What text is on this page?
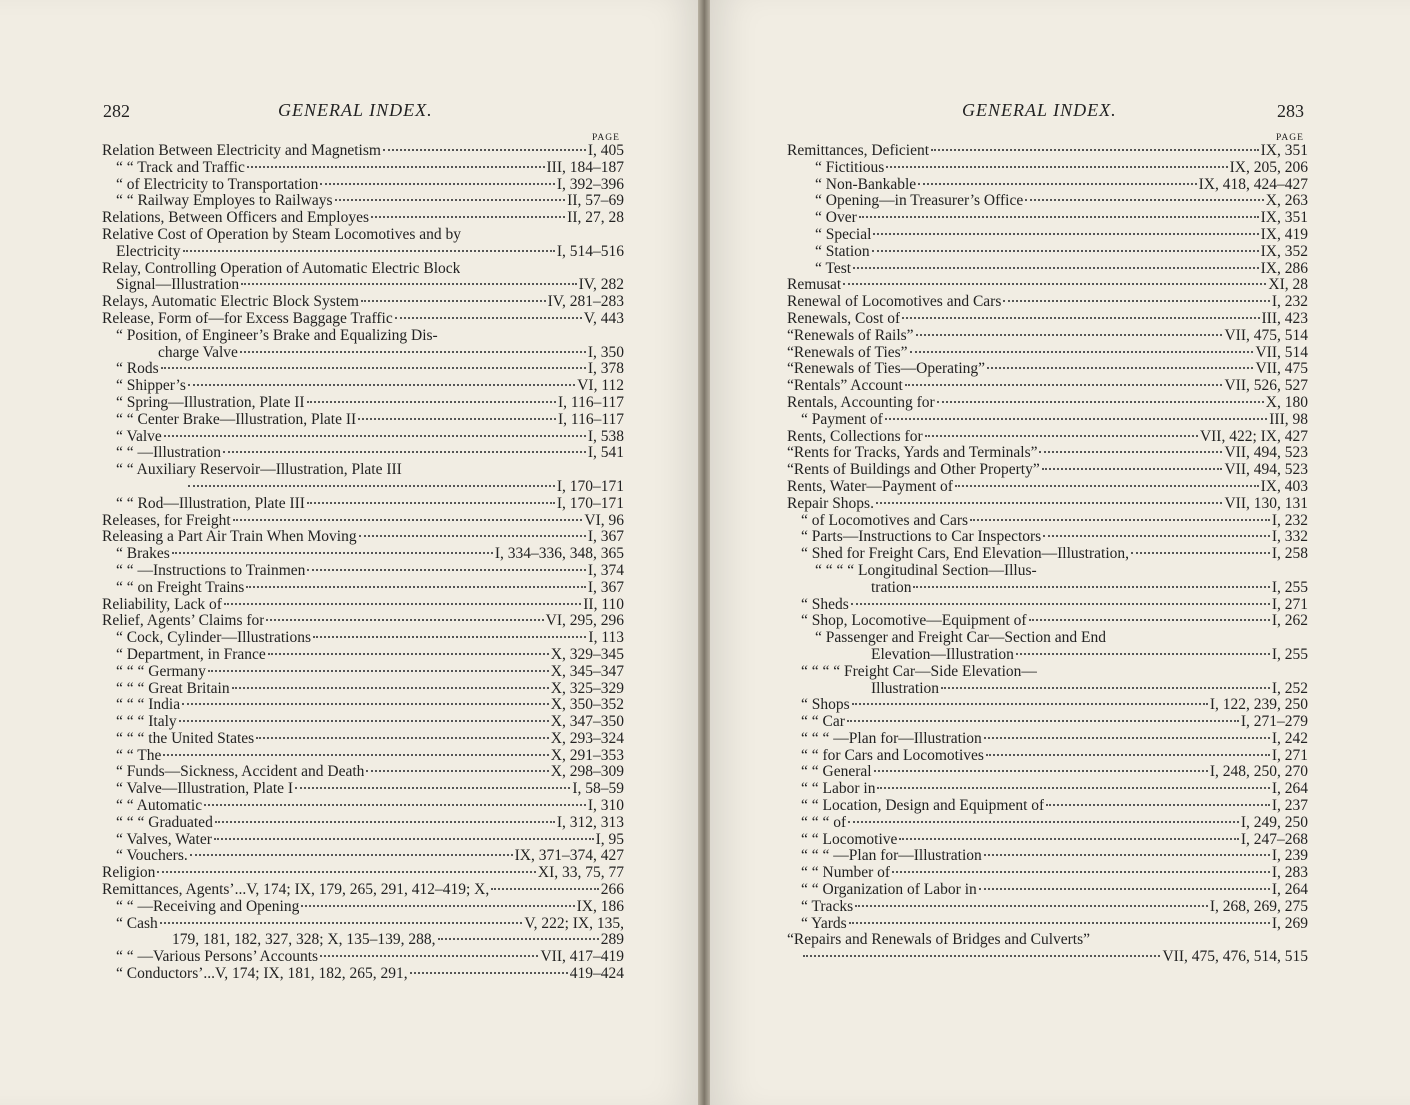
282	GENERAL INDEX.
PAGE
Relation Between Electricity and Magnetism	I, 405
“ “ Track and Traffic	III, 184–187
“ of Electricity to Transportation	I, 392–396
“ “ Railway Employes to Railways	II, 57–69
Relations, Between Officers and Employes	II, 27, 28
Relative Cost of Operation by Steam Locomotives and by
Electricity	I, 514–516
Relay, Controlling Operation of Automatic Electric Block
Signal—Illustration	IV, 282
Relays, Automatic Electric Block System	IV, 281–283
Release, Form of—for Excess Baggage Traffic	V, 443
“ Position, of Engineer’s Brake and Equalizing Dis-
charge Valve	I, 350
“ Rods	I, 378
“ Shipper’s	VI, 112
“ Spring—Illustration, Plate II	I, 116–117
“ “ Center Brake—Illustration, Plate II	I, 116–117
“ Valve	I, 538
“ “ —Illustration	I, 541
“ “ Auxiliary Reservoir—Illustration, Plate III
I, 170–171
“ “ Rod—Illustration, Plate III	I, 170–171
Releases, for Freight	VI, 96
Releasing a Part Air Train When Moving	I, 367
“ Brakes	I, 334–336, 348, 365
“ “ —Instructions to Trainmen	I, 374
“ “ on Freight Trains	I, 367
Reliability, Lack of	II, 110
Relief, Agents’ Claims for	VI, 295, 296
“ Cock, Cylinder—Illustrations	I, 113
“ Department, in France	X, 329–345
“ “ “ Germany	X, 345–347
“ “ “ Great Britain	X, 325–329
“ “ “ India	X, 350–352
“ “ “ Italy	X, 347–350
“ “ “ the United States	X, 293–324
“ “ The	X, 291–353
“ Funds—Sickness, Accident and Death	X, 298–309
“ Valve—Illustration, Plate I	I, 58–59
“ “ Automatic	I, 310
“ “ “ Graduated	I, 312, 313
“ Valves, Water	I, 95
“ Vouchers.	IX, 371–374, 427
Religion	XI, 33, 75, 77
Remittances, Agents’...V, 174; IX, 179, 265, 291, 412–419; X,	266
“ “ —Receiving and Opening	IX, 186
“ Cash	V, 222; IX, 135,
179, 181, 182, 327, 328; X, 135–139, 288,	289
“ “ —Various Persons’ Accounts	VII, 417–419
“ Conductors’...V, 174; IX, 181, 182, 265, 291,	419–424
GENERAL INDEX.	283
PAGE
Remittances, Deficient	IX, 351
“ Fictitious	IX, 205, 206
“ Non-Bankable	IX, 418, 424–427
“ Opening—in Treasurer’s Office	X, 263
“ Over	IX, 351
“ Special	IX, 419
“ Station	IX, 352
“ Test	IX, 286
Remusat	XI, 28
Renewal of Locomotives and Cars	I, 232
Renewals, Cost of	III, 423
“Renewals of Rails”	VII, 475, 514
“Renewals of Ties”	VII, 514
“Renewals of Ties—Operating”	VII, 475
“Rentals” Account	VII, 526, 527
Rentals, Accounting for	X, 180
“ Payment of	III, 98
Rents, Collections for	VII, 422; IX, 427
“Rents for Tracks, Yards and Terminals”	VII, 494, 523
“Rents of Buildings and Other Property”	VII, 494, 523
Rents, Water—Payment of	IX, 403
Repair Shops.	VII, 130, 131
“ of Locomotives and Cars	I, 232
“ Parts—Instructions to Car Inspectors	I, 332
“ Shed for Freight Cars, End Elevation—Illustration,	I, 258
“ “ “ “ Longitudinal Section—Illus-
tration	I, 255
“ Sheds	I, 271
“ Shop, Locomotive—Equipment of	I, 262
“ Passenger and Freight Car—Section and End
Elevation—Illustration	I, 255
“ “ “ “ Freight Car—Side Elevation—
Illustration	I, 252
“ Shops	I, 122, 239, 250
“ “ Car	I, 271–279
“ “ “ —Plan for—Illustration	I, 242
“ “ for Cars and Locomotives	I, 271
“ “ General	I, 248, 250, 270
“ “ Labor in	I, 264
“ “ Location, Design and Equipment of	I, 237
“ “ “ of	I, 249, 250
“ “ Locomotive	I, 247–268
“ “ “ —Plan for—Illustration	I, 239
“ “ Number of	I, 283
“ “ Organization of Labor in	I, 264
“ Tracks	I, 268, 269, 275
“ Yards	I, 269
“Repairs and Renewals of Bridges and Culverts”
VII, 475, 476, 514, 515
